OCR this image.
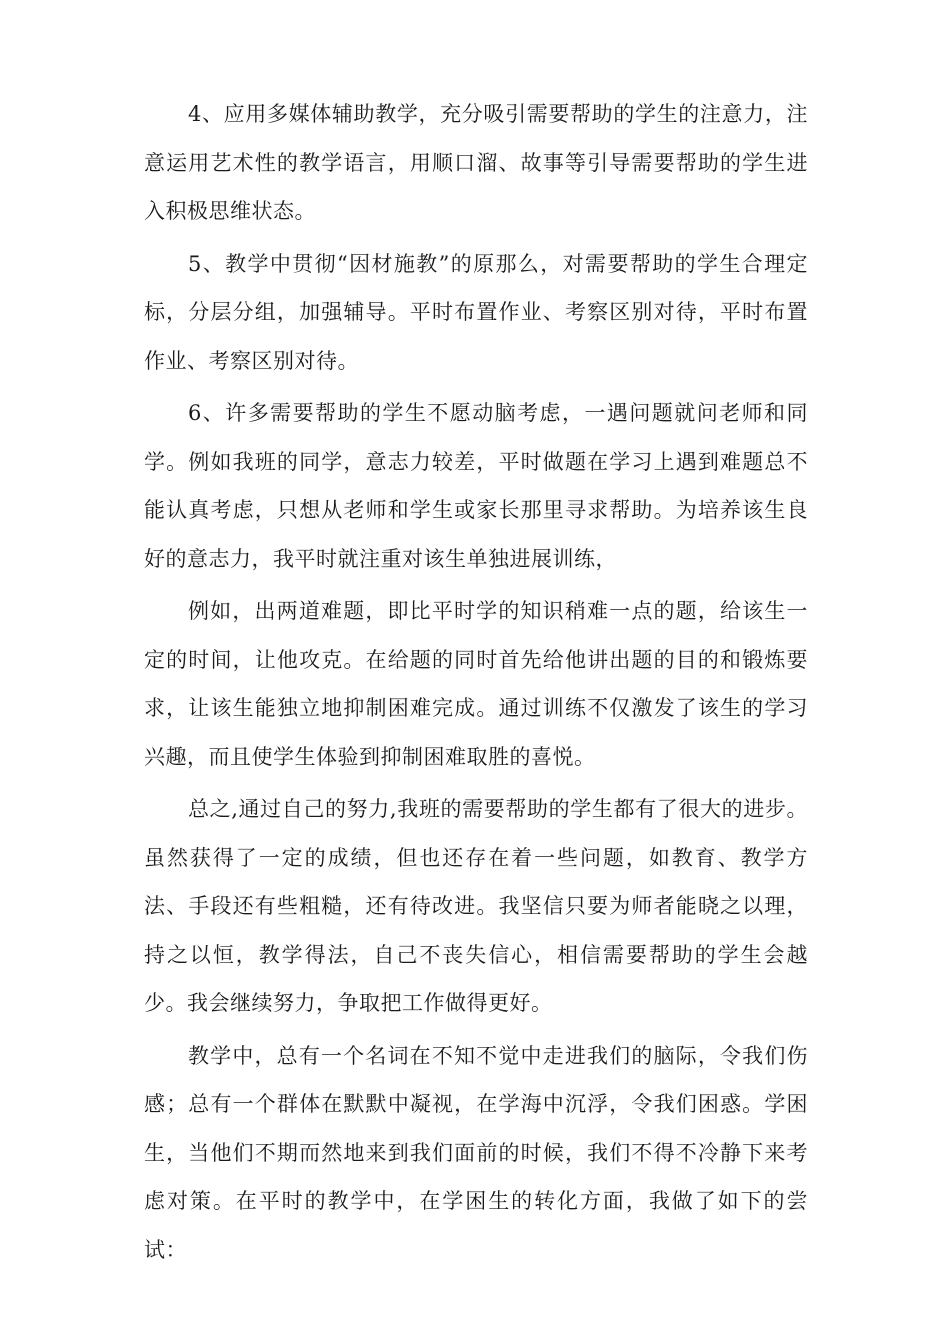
4、应用多媒体辅助教学，充分吸引需要帮助的学生的注意力，注意运用艺术性的教学语言，用顺口溜、故事等引导需要帮助的学生进入积极思维状态。

5、教学中贯彻“因材施教”的原那么，对需要帮助的学生合理定标，分层分组，加强辅导。平时布置作业、考察区别对待，平时布置作业、考察区别对待。

6、许多需要帮助的学生不愿动脑考虑，一遇问题就问老师和同学。例如我班的同学，意志力较差，平时做题在学习上遇到难题总不能认真考虑，只想从老师和学生或家长那里寻求帮助。为培养该生良好的意志力，我平时就注重对该生单独进展训练，

例如，出两道难题，即比平时学的知识稍难一点的题，给该生一定的时间，让他攻克。在给题的同时首先给他讲出题的目的和锻炼要求，让该生能独立地抑制困难完成。通过训练不仅激发了该生的学习兴趣，而且使学生体验到抑制困难取胜的喜悦。

总之,通过自己的努力,我班的需要帮助的学生都有了很大的进步。虽然获得了一定的成绩，但也还存在着一些问题，如教育、教学方法、手段还有些粗糙，还有待改进。我坚信只要为师者能晓之以理，持之以恒，教学得法，自己不丧失信心，相信需要帮助的学生会越少。我会继续努力，争取把工作做得更好。

教学中，总有一个名词在不知不觉中走进我们的脑际，令我们伤感；总有一个群体在默默中凝视，在学海中沉浮，令我们困惑。学困生，当他们不期而然地来到我们面前的时候，我们不得不冷静下来考虑对策。在平时的教学中，在学困生的转化方面，我做了如下的尝试：
